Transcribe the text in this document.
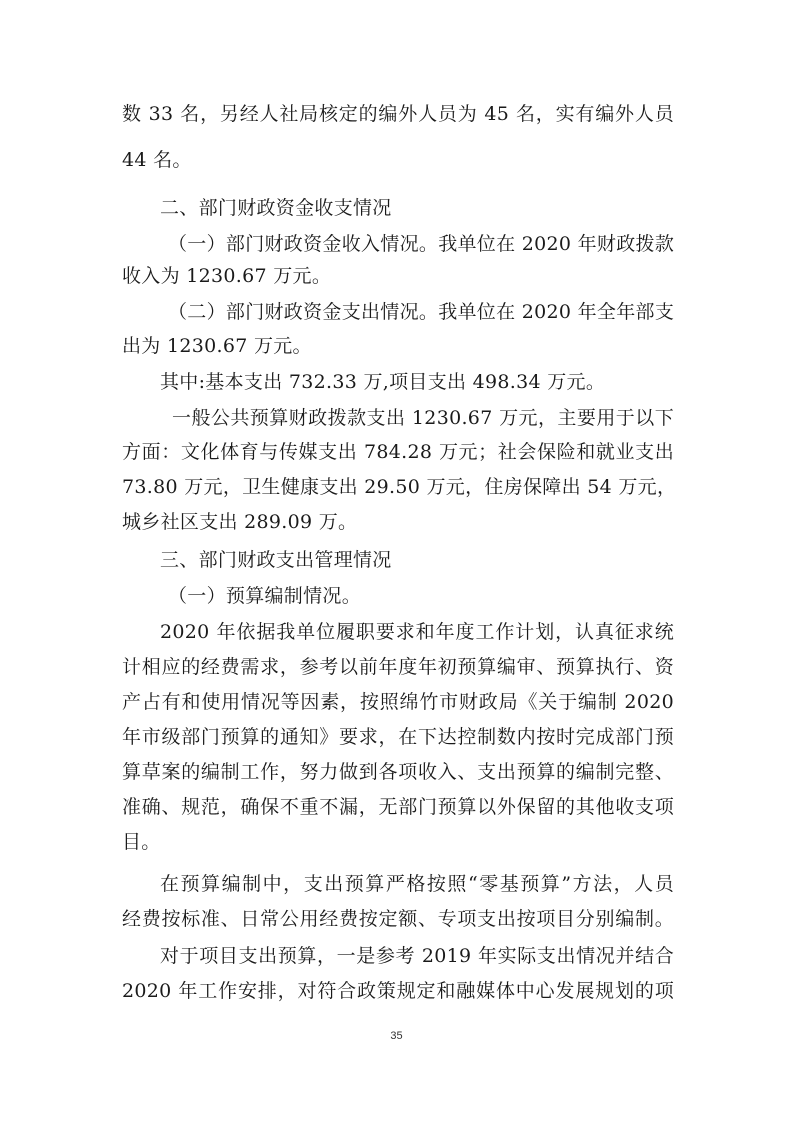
数 33 名，另经人社局核定的编外人员为 45 名，实有编外人员
44 名。
二、部门财政资金收支情况
（一）部门财政资金收入情况。我单位在 2020 年财政拨款
收入为 1230.67 万元。
（二）部门财政资金支出情况。我单位在 2020 年全年部支
出为 1230.67 万元。
其中:基本支出 732.33 万,项目支出 498.34 万元。
一般公共预算财政拨款支出 1230.67 万元，主要用于以下
方面：文化体育与传媒支出 784.28 万元；社会保险和就业支出
73.80 万元，卫生健康支出 29.50 万元，住房保障出 54 万元，
城乡社区支出 289.09 万。
三、部门财政支出管理情况
（一）预算编制情况。
2020 年依据我单位履职要求和年度工作计划，认真征求统
计相应的经费需求，参考以前年度年初预算编审、预算执行、资
产占有和使用情况等因素，按照绵竹市财政局《关于编制 2020
年市级部门预算的通知》要求，在下达控制数内按时完成部门预
算草案的编制工作，努力做到各项收入、支出预算的编制完整、
准确、规范，确保不重不漏，无部门预算以外保留的其他收支项
目。
在预算编制中，支出预算严格按照“零基预算”方法，人员
经费按标准、日常公用经费按定额、专项支出按项目分别编制。
对于项目支出预算，一是参考 2019 年实际支出情况并结合
2020 年工作安排，对符合政策规定和融媒体中心发展规划的项
35
